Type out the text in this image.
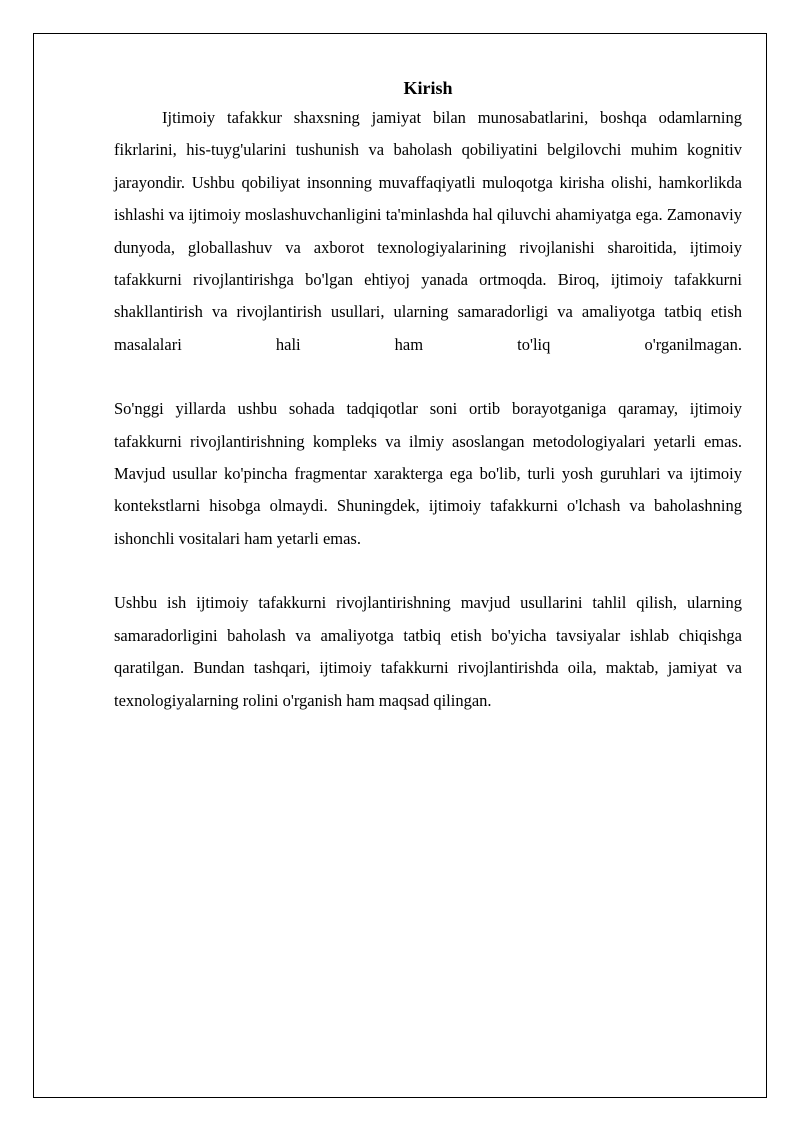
Kirish

Ijtimoiy tafakkur shaxsning jamiyat bilan munosabatlarini, boshqa odamlarning fikrlarini, his-tuyg'ularini tushunish va baholash qobiliyatini belgilovchi muhim kognitiv jarayondir. Ushbu qobiliyat insonning muvaffaqiyatli muloqotga kirisha olishi, hamkorlikda ishlashi va ijtimoiy moslashuvchanligini ta'minlashda hal qiluvchi ahamiyatga ega. Zamonaviy dunyoda, globallashuv va axborot texnologiyalarining rivojlanishi sharoitida, ijtimoiy tafakkurni rivojlantirishga bo'lgan ehtiyoj yanada ortmoqda. Biroq, ijtimoiy tafakkurni shakllantirish va rivojlantirish usullari, ularning samaradorligi va amaliyotga tatbiq etish masalalari hali ham to'liq o'rganilmagan.

So'nggi yillarda ushbu sohada tadqiqotlar soni ortib borayotganiga qaramay, ijtimoiy tafakkurni rivojlantirishning kompleks va ilmiy asoslangan metodologiyalari yetarli emas. Mavjud usullar ko'pincha fragmentar xarakterga ega bo'lib, turli yosh guruhlari va ijtimoiy kontekstlarni hisobga olmaydi. Shuningdek, ijtimoiy tafakkurni o'lchash va baholashning ishonchli vositalari ham yetarli emas.

Ushbu ish ijtimoiy tafakkurni rivojlantirishning mavjud usullarini tahlil qilish, ularning samaradorligini baholash va amaliyotga tatbiq etish bo'yicha tavsiyalar ishlab chiqishga qaratilgan. Bundan tashqari, ijtimoiy tafakkurni rivojlantirishda oila, maktab, jamiyat va texnologiyalarning rolini o'rganish ham maqsad qilingan.
